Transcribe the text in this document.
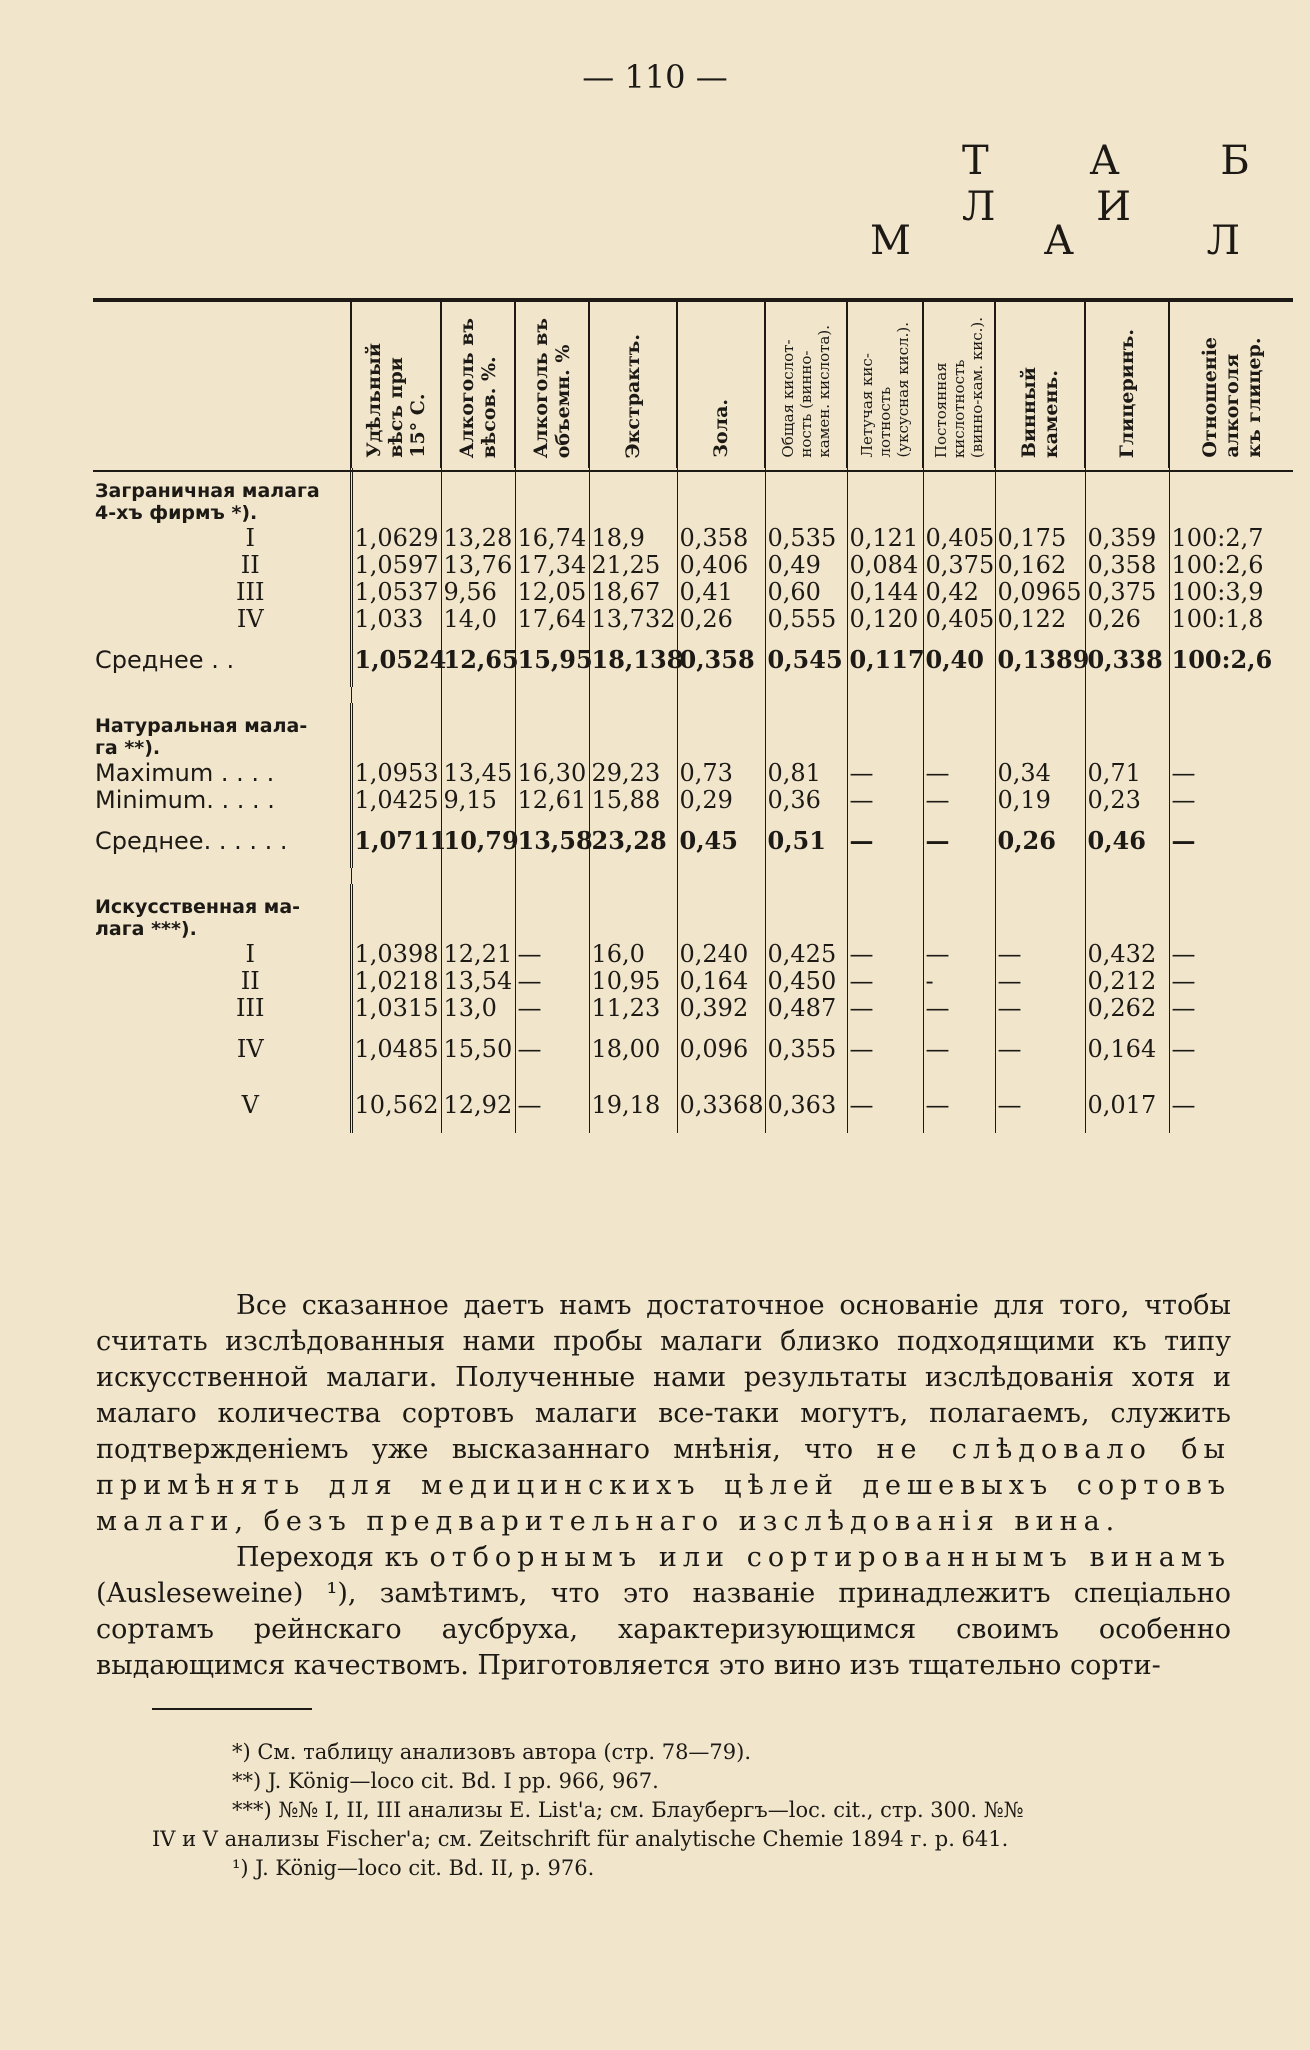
— 110 —
Т А Б Л И
М А Л
	Удѣльный
вѣсъ при
15° С.	Алкоголь въ
вѣсов. %.	Алкоголь въ
объемн. %	Экстрактъ.	Зола.	Общая кислот-
ность (винно-
камен. кислота).	Летучая кис-
лотность
(уксусная кисл.).	Постоянная
кислотность
(винно-кам. кис.).	Винный
камень.	Глицеринъ.	Отношеніе
алкоголя
къ глицер.
Заграничная малага
4-хъ фирмъ *).											
I	1,0629	13,28	16,74	18,9	0,358	0,535	0,121	0,405	0,175	0,359	100:2,7
II	1,0597	13,76	17,34	21,25	0,406	0,49	0,084	0,375	0,162	0,358	100:2,6
III	1,0537	9,56	12,05	18,67	0,41	0,60	0,144	0,42	0,0965	0,375	100:3,9
IV	1,033	14,0	17,64	13,732	0,26	0,555	0,120	0,405	0,122	0,26	100:1,8
Среднее . .	1,0524	12,65	15,95	18,138	0,358	0,545	0,117	0,40	0,1389	0,338	100:2,6

Натуральная мала-
га **).											
Maximum . . . .	1,0953	13,45	16,30	29,23	0,73	0,81	—	—	0,34	0,71	—
Minimum. . . . .	1,0425	9,15	12,61	15,88	0,29	0,36	—	—	0,19	0,23	—
Среднее. . . . . .	1,0711	10,79	13,58	23,28	0,45	0,51	—	—	0,26	0,46	—

Искусственная ма-
лага ***).											
I	1,0398	12,21	—	16,0	0,240	0,425	—	—	—	0,432	—
II	1,0218	13,54	—	10,95	0,164	0,450	—	-	—	0,212	—
III	1,0315	13,0	—	11,23	0,392	0,487	—	—	—	0,262	—
IV	1,0485	15,50	—	18,00	0,096	0,355	—	—	—	0,164	—
V	10,562	12,92	—	19,18	0,3368	0,363	—	—	—	0,017	—

Все сказанное даетъ намъ достаточное основаніе для того, чтобы считать изслѣдованныя нами пробы малаги близко подходящими къ типу искусственной малаги. Полученные нами результаты изслѣдованія хотя и малаго количества сортовъ малаги все-таки могутъ, полагаемъ, служить подтвержденіемъ уже высказаннаго мнѣнія, что не слѣдовало бы примѣнять для медицинскихъ цѣлей дешевыхъ сортовъ малаги, безъ предварительнаго изслѣдованія вина.

Переходя къ отборнымъ или сортированнымъ винамъ (Ausleseweine) ¹), замѣтимъ, что это названіе принадлежитъ спеціально сортамъ рейнскаго аусбруха, характеризующимся своимъ особенно выдающимся качествомъ. Приготовляется это вино изъ тщательно сорти-

*) См. таблицу анализовъ автора (стр. 78—79).
**) J. König—loco cit. Bd. I pp. 966, 967.
***) №№ I, II, III анализы E. List'а; см. Блаубергъ—loc. cit., стр. 300. №№
IV и V анализы Fischer'а; см. Zeitschrift für analytische Chemie 1894 г. р. 641.
¹) J. König—loco cit. Bd. II, р. 976.
